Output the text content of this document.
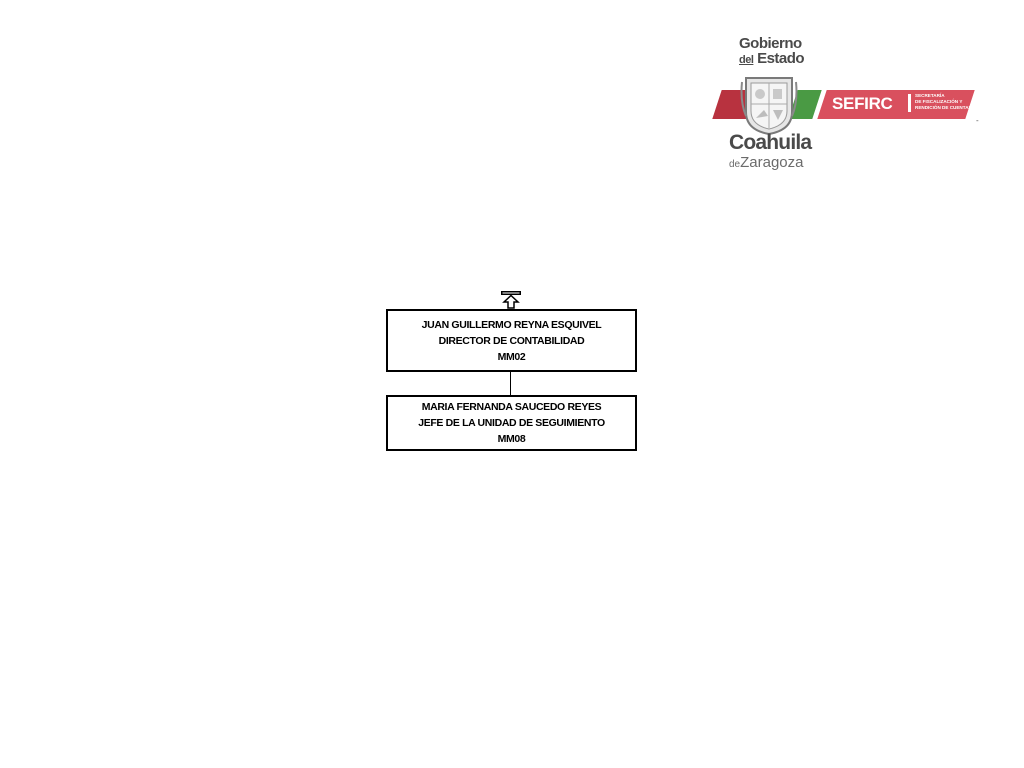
Gobierno
del Estado
SEFIRC	SECRETARÍA
DE FISCALIZACIÓN Y
RENDICIÓN DE CUENTAS
-
Coahuila
deZaragoza
JUAN GUILLERMO REYNA ESQUIVEL
DIRECTOR DE CONTABILIDAD
MM02
MARIA FERNANDA SAUCEDO REYES
JEFE DE LA UNIDAD DE SEGUIMIENTO
MM08
